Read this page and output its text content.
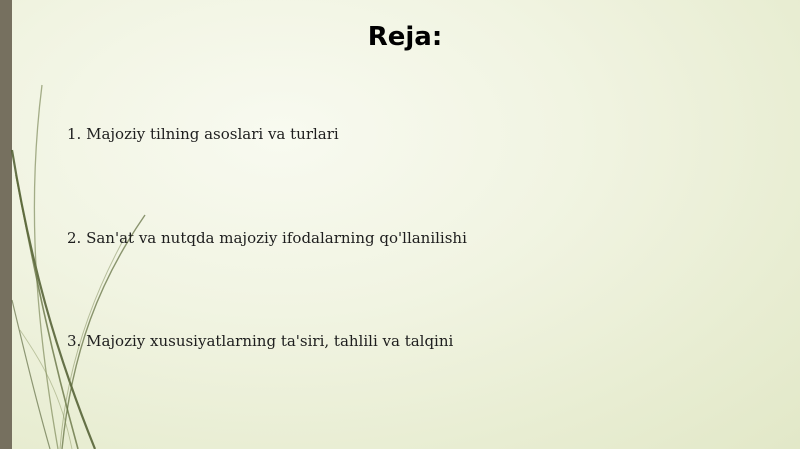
Reja:
1. Majoziy tilning asoslari va turlari
2. San'at va nutqda majoziy ifodalarning qo'llanilishi
3. Majoziy xususiyatlarning ta'siri, tahlili va talqini
